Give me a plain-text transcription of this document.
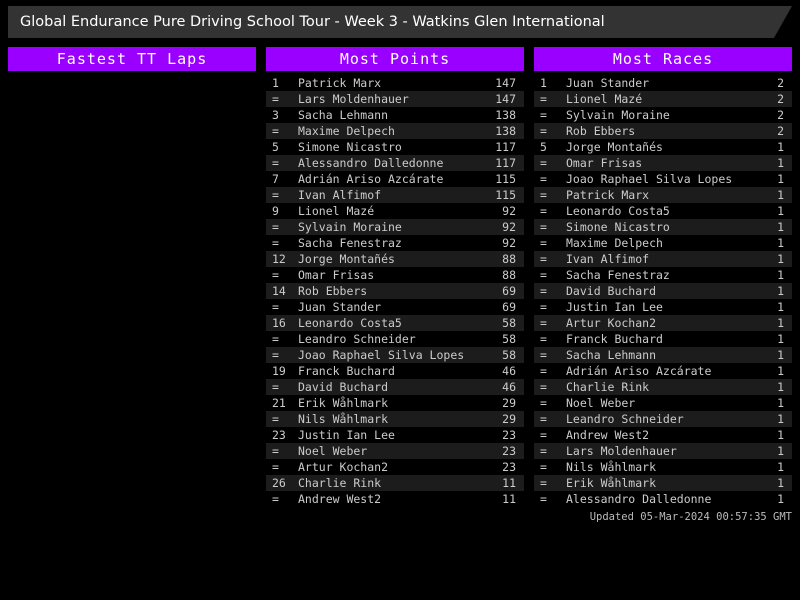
Global Endurance Pure Driving School Tour - Week 3 - Watkins Glen International
Fastest TT Laps	Most Points
1	Patrick Marx	147
=	Lars Moldenhauer	147
3	Sacha Lehmann	138
=	Maxime Delpech	138
5	Simone Nicastro	117
=	Alessandro Dalledonne	117
7	Adrián Ariso Azcárate	115
=	Ivan Alfimof	115
9	Lionel Mazé	92
=	Sylvain Moraine	92
=	Sacha Fenestraz	92
12	Jorge Montañés	88
=	Omar Frisas	88
14	Rob Ebbers	69
=	Juan Stander	69
16	Leonardo Costa5	58
=	Leandro Schneider	58
=	Joao Raphael Silva Lopes	58
19	Franck Buchard	46
=	David Buchard	46
21	Erik Wåhlmark	29
=	Nils Wåhlmark	29
23	Justin Ian Lee	23
=	Noel Weber	23
=	Artur Kochan2	23
26	Charlie Rink	11
=	Andrew West2	11
Most Races
1	Juan Stander	2
=	Lionel Mazé	2
=	Sylvain Moraine	2
=	Rob Ebbers	2
5	Jorge Montañés	1
=	Omar Frisas	1
=	Joao Raphael Silva Lopes	1
=	Patrick Marx	1
=	Leonardo Costa5	1
=	Simone Nicastro	1
=	Maxime Delpech	1
=	Ivan Alfimof	1
=	Sacha Fenestraz	1
=	David Buchard	1
=	Justin Ian Lee	1
=	Artur Kochan2	1
=	Franck Buchard	1
=	Sacha Lehmann	1
=	Adrián Ariso Azcárate	1
=	Charlie Rink	1
=	Noel Weber	1
=	Leandro Schneider	1
=	Andrew West2	1
=	Lars Moldenhauer	1
=	Nils Wåhlmark	1
=	Erik Wåhlmark	1
=	Alessandro Dalledonne	1
Updated 05-Mar-2024 00:57:35 GMT
